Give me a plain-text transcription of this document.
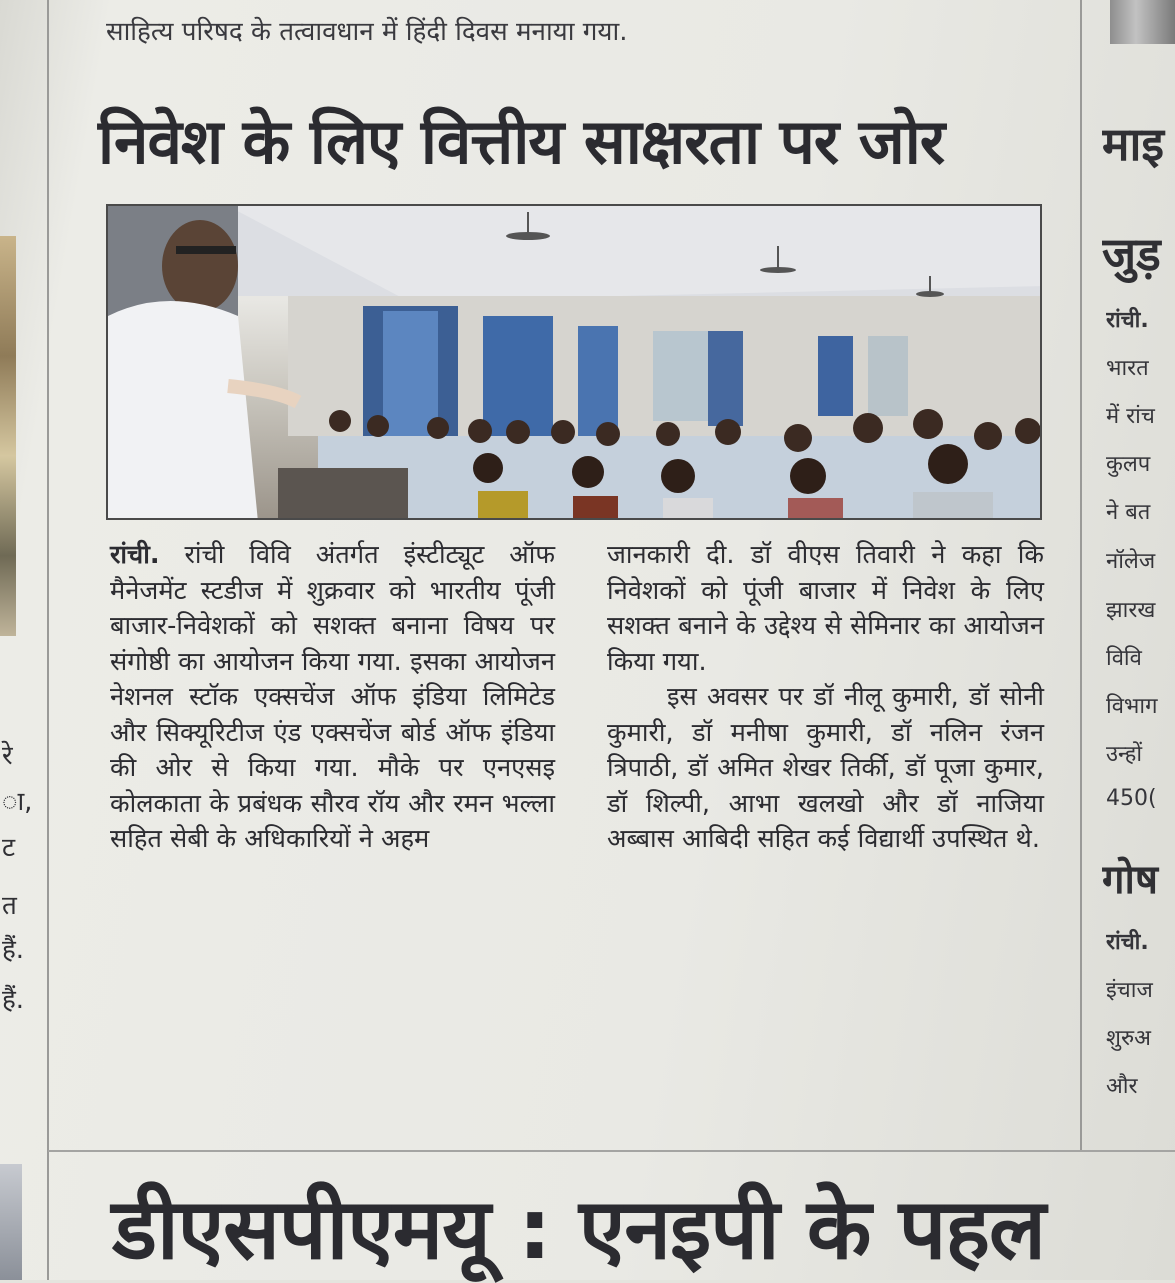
रे
ा,
ट
त
हैं.
हैं.
साहित्य परिषद के तत्वावधान में हिंदी दिवस मनाया गया.
निवेश के लिए वित्तीय साक्षरता पर जोर

रांची. रांची विवि अंतर्गत इंस्टीट्यूट ऑफ मैनेजमेंट स्टडीज में शुक्रवार को भारतीय पूंजी बाजार-निवेशकों को सशक्त बनाना विषय पर संगोष्ठी का आयोजन किया गया. इसका आयोजन नेशनल स्टॉक एक्सचेंज ऑफ इंडिया लिमिटेड और सिक्यूरिटीज एंड एक्सचेंज बोर्ड ऑफ इंडिया की ओर से किया गया. मौके पर एनएसइ कोलकाता के प्रबंधक सौरव रॉय और रमन भल्ला सहित सेबी के अधिकारियों ने अहम

जानकारी दी. डॉ वीएस तिवारी ने कहा कि निवेशकों को पूंजी बाजार में निवेश के लिए सशक्त बनाने के उद्देश्य से सेमिनार का आयोजन किया गया.

इस अवसर पर डॉ नीलू कुमारी, डॉ सोनी कुमारी, डॉ मनीषा कुमारी, डॉ नलिन रंजन त्रिपाठी, डॉ अमित शेखर तिर्की, डॉ पूजा कुमार, डॉ शिल्पी, आभा खलखो और डॉ नाजिया अब्बास आबिदी सहित कई विद्यार्थी उपस्थित थे.

माइ
जुड़
रांची.
भारत
में रांच
कुलप
ने बत
नॉलेज
झारख
विवि
विभाग
उन्हों
450(
गोष
रांची.
इंचाज
शुरुअ
और
डीएसपीएमयू : एनइपी के पहल
